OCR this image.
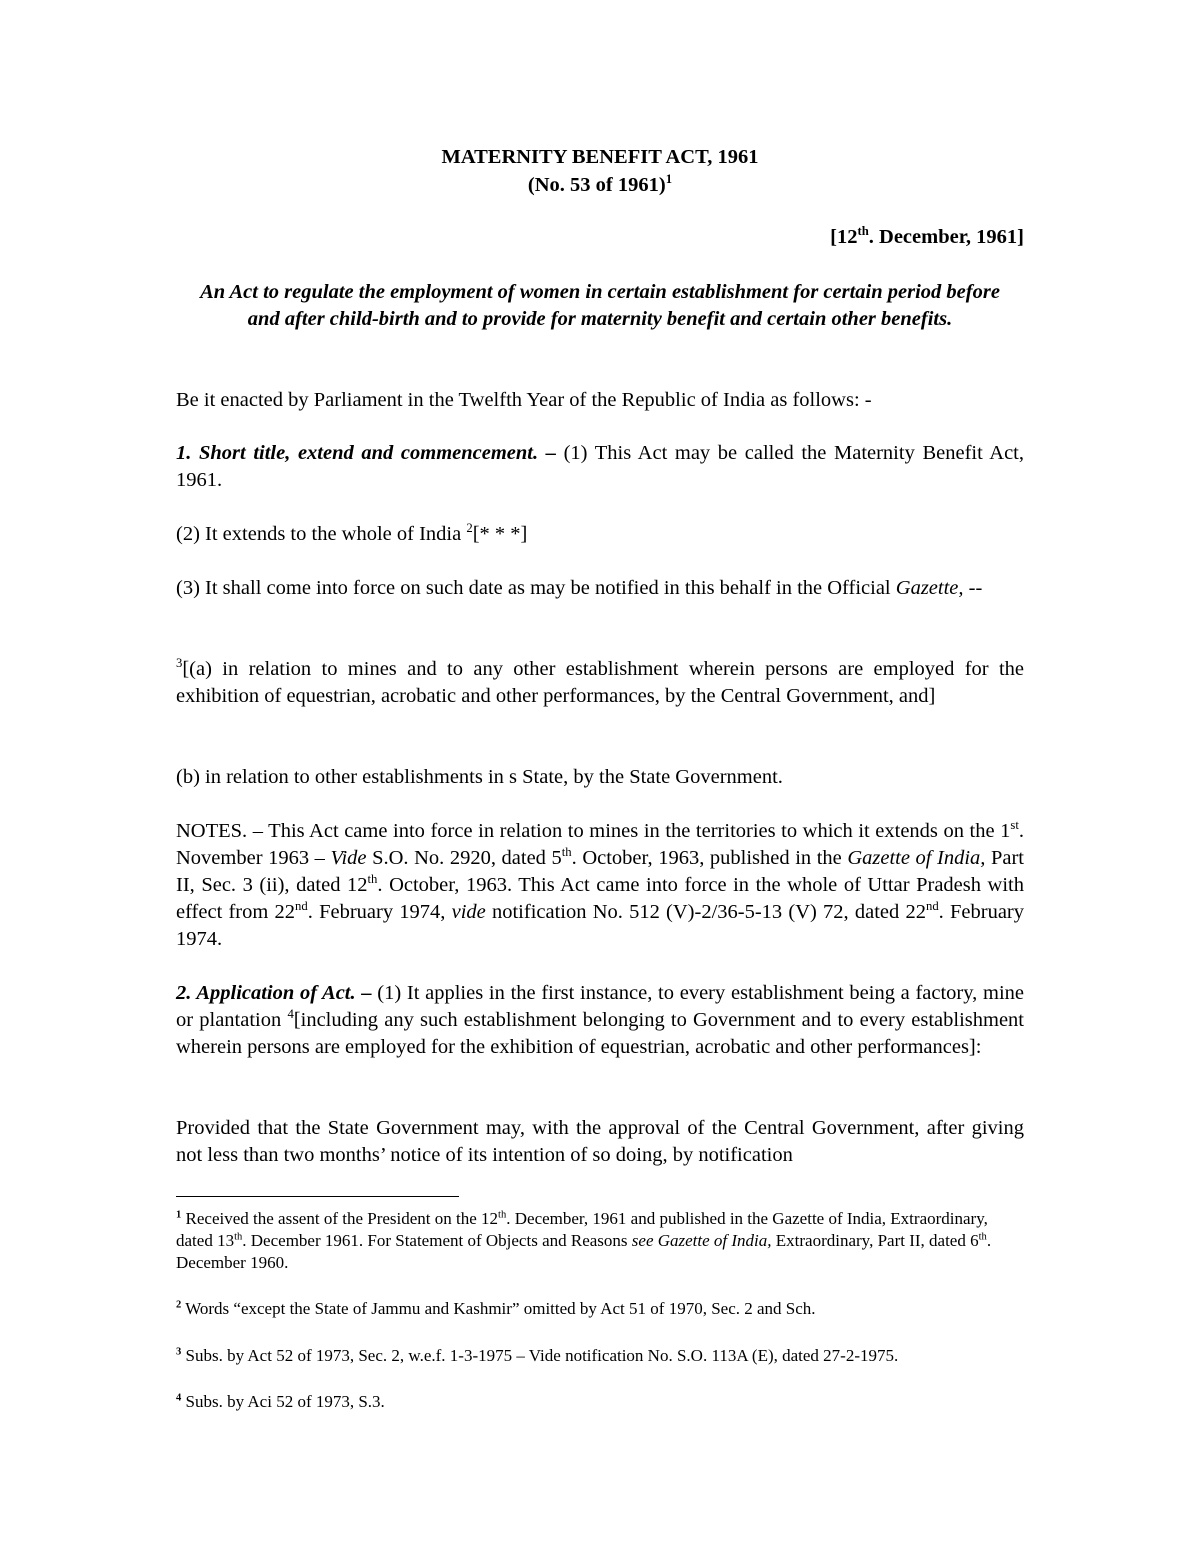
MATERNITY BENEFIT ACT, 1961
(No. 53 of 1961)$^1$
[12th. December, 1961]
An Act to regulate the employment of women in certain establishment for certain period before and after child-birth and to provide for maternity benefit and certain other benefits.
Be it enacted by Parliament in the Twelfth Year of the Republic of India as follows: -
1. Short title, extend and commencement. – (1) This Act may be called the Maternity Benefit Act, 1961.
(2) It extends to the whole of India $^2$[* * *]
(3) It shall come into force on such date as may be notified in this behalf in the Official Gazette, --
$^3$[(a) in relation to mines and to any other establishment wherein persons are employed for the exhibition of equestrian, acrobatic and other performances, by the Central Government, and]
(b) in relation to other establishments in s State, by the State Government.
NOTES. – This Act came into force in relation to mines in the territories to which it extends on the 1st. November 1963 – Vide S.O. No. 2920, dated 5th. October, 1963, published in the Gazette of India, Part II, Sec. 3 (ii), dated 12th. October, 1963. This Act came into force in the whole of Uttar Pradesh with effect from 22nd. February 1974, vide notification No. 512 (V)-2/36-5-13 (V) 72, dated 22nd. February 1974.
2. Application of Act. – (1) It applies in the first instance, to every establishment being a factory, mine or plantation $^4$[including any such establishment belonging to Government and to every establishment wherein persons are employed for the exhibition of equestrian, acrobatic and other performances]:
Provided that the State Government may, with the approval of the Central Government, after giving not less than two months’ notice of its intention of so doing, by notification
$^1$ Received the assent of the President on the 12th. December, 1961 and published in the Gazette of India, Extraordinary, dated 13th. December 1961. For Statement of Objects and Reasons see Gazette of India, Extraordinary, Part II, dated 6th. December 1960.
$^2$ Words “except the State of Jammu and Kashmir” omitted by Act 51 of 1970, Sec. 2 and Sch.
$^3$ Subs. by Act 52 of 1973, Sec. 2, w.e.f. 1-3-1975 – Vide notification No. S.O. 113A (E), dated 27-2-1975.
$^4$ Subs. by Aci 52 of 1973, S.3.
